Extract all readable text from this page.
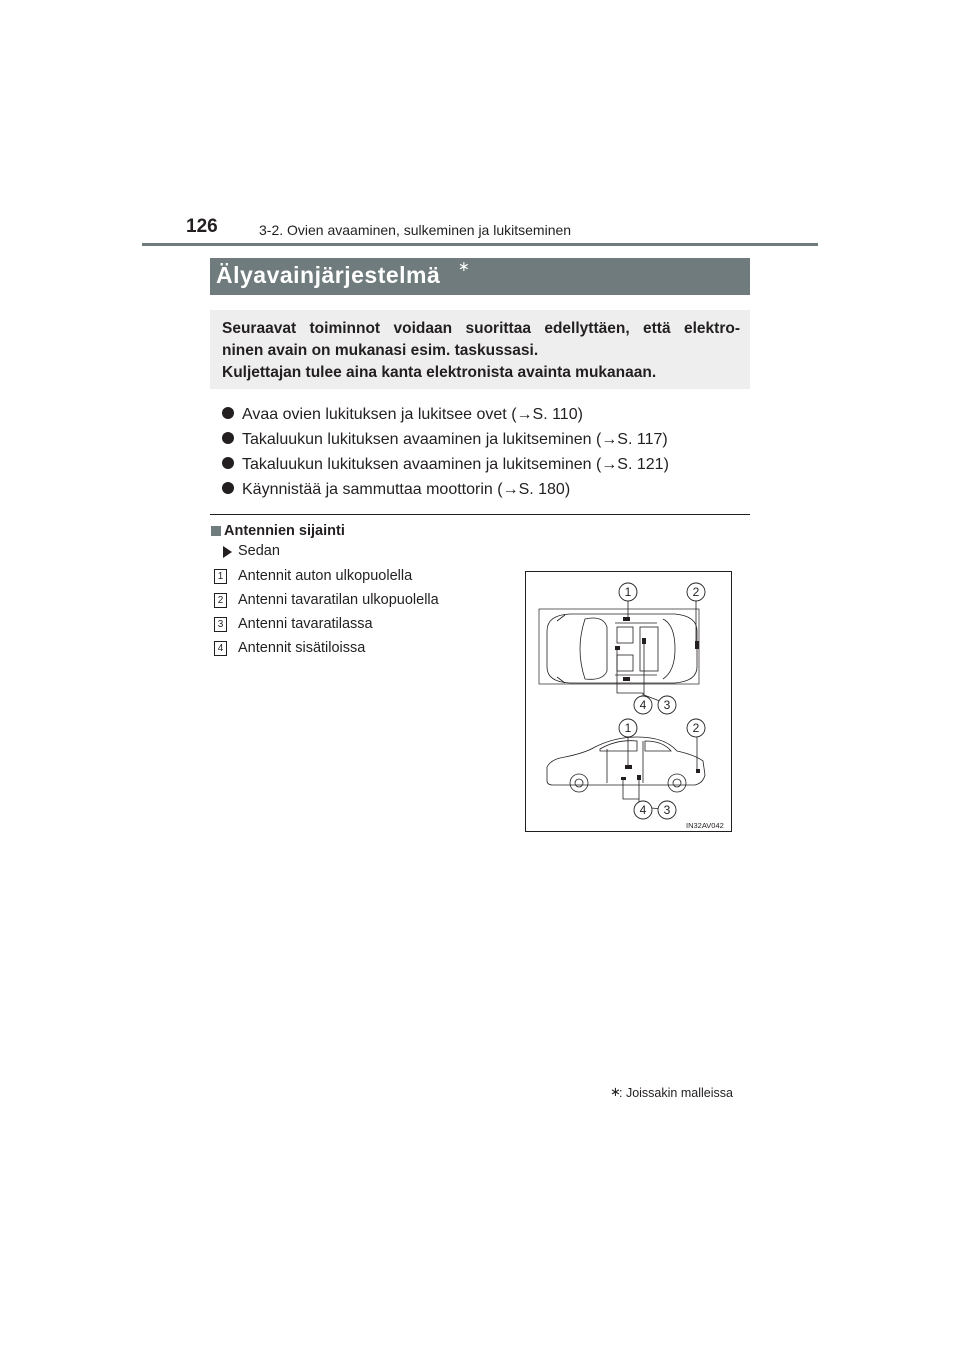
126	3-2. Ovien avaaminen, sulkeminen ja lukitseminen
Älyavainjärjestelmä ∗
Seuraavat toiminnot voidaan suorittaa edellyttäen, että elektro-
ninen avain on mukanasi esim. taskussasi.
Kuljettajan tulee aina kanta elektronista avainta mukanaan.
Avaa ovien lukituksen ja lukitsee ovet (→S. 110)
Takaluukun lukituksen avaaminen ja lukitseminen (→S. 117)
Takaluukun lukituksen avaaminen ja lukitseminen (→S. 121)
Käynnistää ja sammuttaa moottorin (→S. 180)
Antennien sijainti
Sedan
1 Antennit auton ulkopuolella
2 Antenni tavaratilan ulkopuolella
3 Antenni tavaratilassa
4 Antennit sisätiloissa
1	2
4 3
1	2
4 3
IN32AV042
∗
: Joissakin malleissa
